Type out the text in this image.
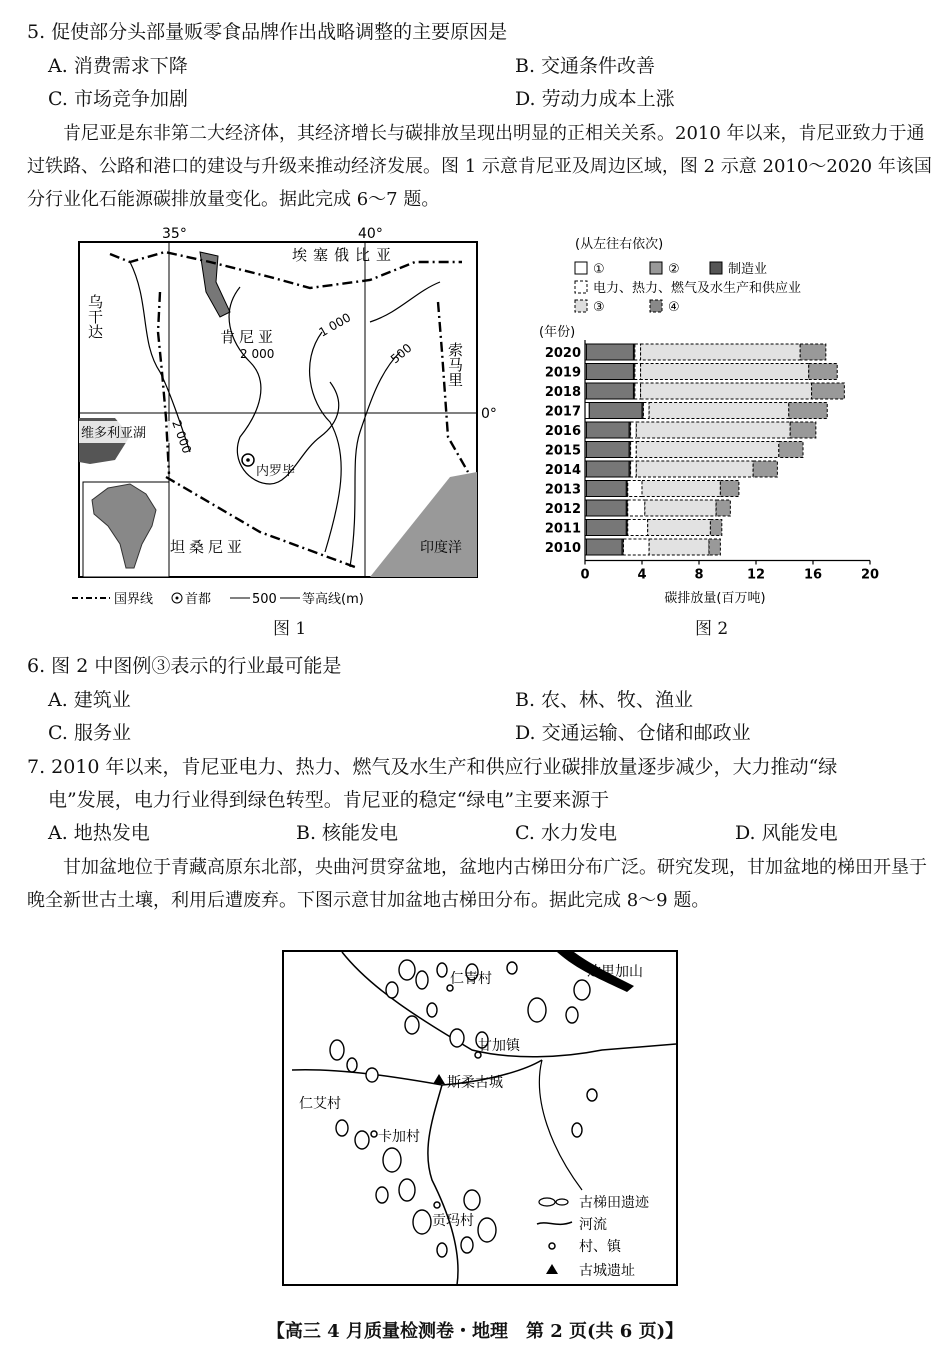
5. 促使部分头部量贩零食品牌作出战略调整的主要原因是
A. 消费需求下降	B. 交通条件改善
C. 市场竞争加剧	D. 劳动力成本上涨
肯尼亚是东非第二大经济体，其经济增长与碳排放呈现出明显的正相关关系。2010 年以来，肯尼亚致力于通过铁路、公路和港口的建设与升级来推动经济发展。图 1 示意肯尼亚及周边区域，图 2 示意 2010～2020 年该国分行业化石能源碳排放量变化。据此完成 6～7 题。
35°	40°
0°
埃塞俄比亚
乌干达	肯尼亚
索马里
坦桑尼亚
维多利亚湖
印度洋
内罗毕
2 000
1 000
500
2 000
国界线 首都	500 等高线(m)
图 1
(从左往右依次)
①	②	制造业
电力、热力、燃气及水生产和供应业
③	④
(年份)
2020
2019
2018
2017
2016
2015
2014
2013
2012
2011
2010
0	4	8	12	16	20
碳排放量(百万吨)
图 2
6. 图 2 中图例③表示的行业最可能是
A. 建筑业	B. 农、林、牧、渔业
C. 服务业	D. 交通运输、仓储和邮政业
7. 2010 年以来，肯尼亚电力、热力、燃气及水生产和供应行业碳排放量逐步减少，大力推动“绿
电”发展，电力行业得到绿色转型。肯尼亚的稳定“绿电”主要来源于
A. 地热发电	B. 核能发电	C. 水力发电	D. 风能发电
甘加盆地位于青藏高原东北部，央曲河贯穿盆地，盆地内古梯田分布广泛。研究发现，甘加盆地的梯田开垦于晚全新世古土壤，利用后遭废弃。下图示意甘加盆地古梯田分布。据此完成 8～9 题。
达里加山
仁青村
甘加镇
斯柔古城
仁艾村
卡加村
贡玛村
古梯田遗迹
河流
村、镇
古城遗址
【高三 4 月质量检测卷・地理　第 2 页(共 6 页)】
